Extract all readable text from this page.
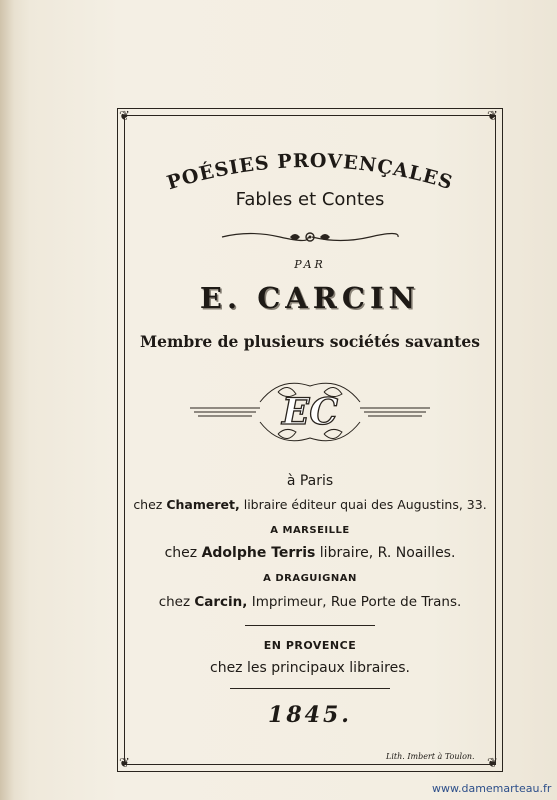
❦	❦
❦	❦
POÉSIES PROVENÇALES
Fables et Contes
PAR
E. CARCIN
Membre de plusieurs sociétés savantes
EC
à Paris
chez Chameret, libraire éditeur quai des Augustins, 33.
A MARSEILLE
chez Adolphe Terris libraire, R. Noailles.
A DRAGUIGNAN
chez Carcin, Imprimeur, Rue Porte de Trans.
EN PROVENCE
chez les principaux libraires.
1845.
Lith. Imbert à Toulon.
www.damemarteau.fr
